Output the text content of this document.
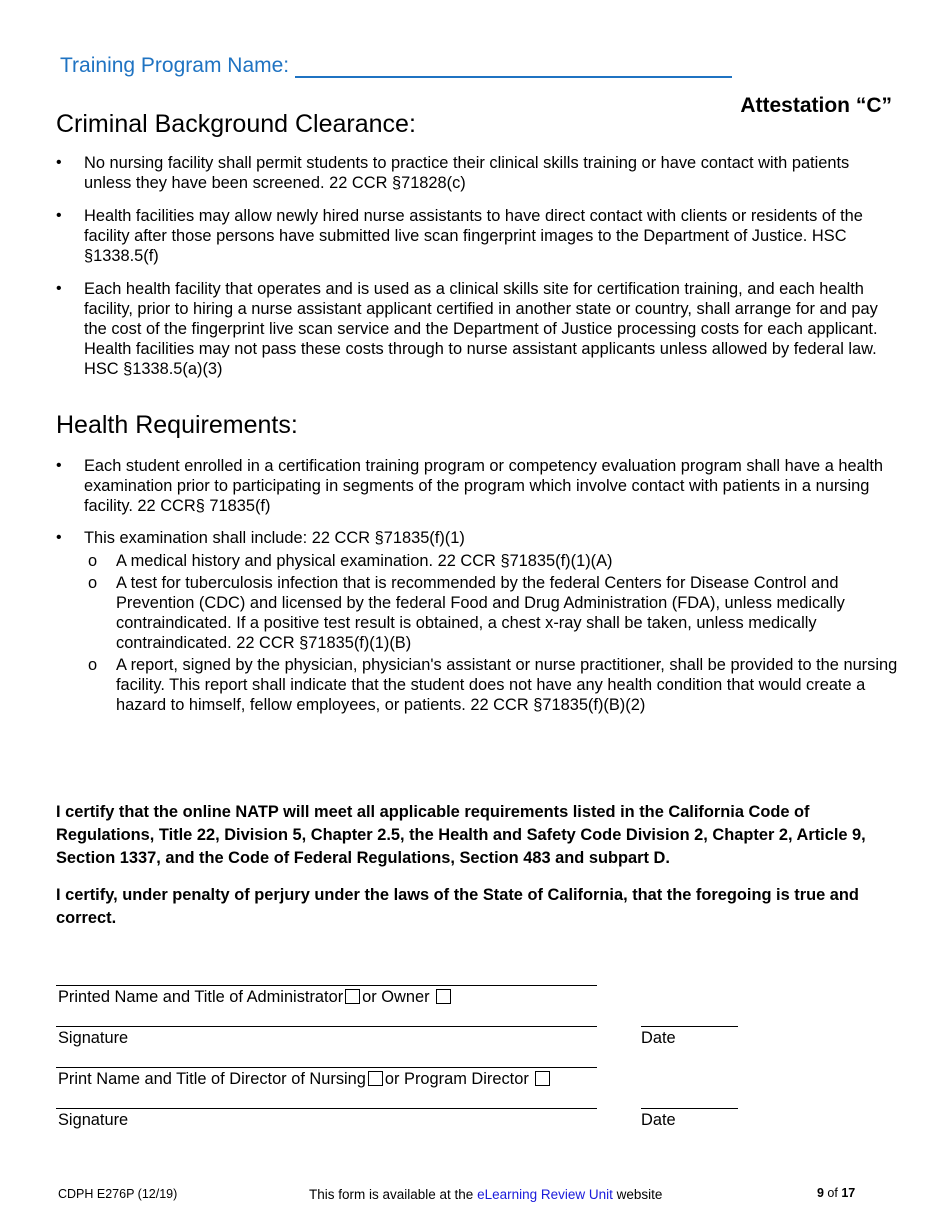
Training Program Name:
Attestation “C”
Criminal Background Clearance:
• No nursing facility shall permit students to practice their clinical skills training or have contact with patients unless they have been screened. 22 CCR §71828(c)
• Health facilities may allow newly hired nurse assistants to have direct contact with clients or residents of the facility after those persons have submitted live scan fingerprint images to the Department of Justice. HSC §1338.5(f)
• Each health facility that operates and is used as a clinical skills site for certification training, and each health facility, prior to hiring a nurse assistant applicant certified in another state or country, shall arrange for and pay the cost of the fingerprint live scan service and the Department of Justice processing costs for each applicant. Health facilities may not pass these costs through to nurse assistant applicants unless allowed by federal law. HSC §1338.5(a)(3)
Health Requirements:
• Each student enrolled in a certification training program or competency evaluation program shall have a health examination prior to participating in segments of the program which involve contact with patients in a nursing facility. 22 CCR§ 71835(f)
• This examination shall include: 22 CCR §71835(f)(1)
o A medical history and physical examination. 22 CCR §71835(f)(1)(A)
o A test for tuberculosis infection that is recommended by the federal Centers for Disease Control and Prevention (CDC) and licensed by the federal Food and Drug Administration (FDA), unless medically contraindicated. If a positive test result is obtained, a chest x-ray shall be taken, unless medically contraindicated. 22 CCR §71835(f)(1)(B)
o A report, signed by the physician, physician's assistant or nurse practitioner, shall be provided to the nursing facility. This report shall indicate that the student does not have any health condition that would create a hazard to himself, fellow employees, or patients. 22 CCR §71835(f)(B)(2)

I certify that the online NATP will meet all applicable requirements listed in the California Code of Regulations, Title 22, Division 5, Chapter 2.5, the Health and Safety Code Division 2, Chapter 2, Article 9, Section 1337, and the Code of Federal Regulations, Section 483 and subpart D.

I certify, under penalty of perjury under the laws of the State of California, that the foregoing is true and correct.

Printed Name and Title of Administrator or Owner
Signature	Date
Print Name and Title of Director of Nursing or Program Director
Signature	Date
CDPH E276P (12/19)	This form is available at the eLearning Review Unit website	9 of 17
